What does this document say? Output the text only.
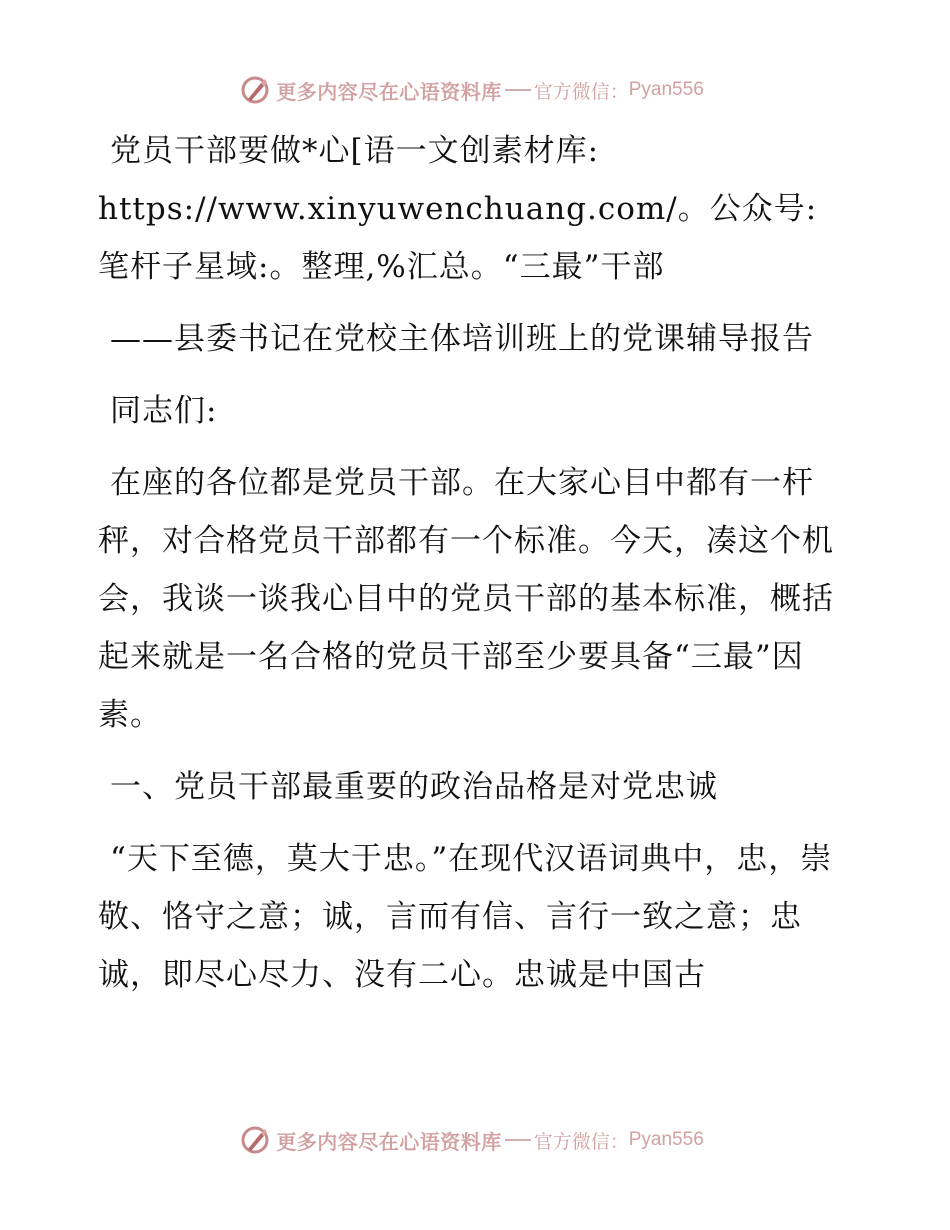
更多内容尽在心语资料库 官方微信： Pyan556

党员干部要做*心[语一文创素材库: https://www.xinyuwenchuang.com/。公众号: 笔杆子星域:。整理,%汇总。“三最”干部

——县委书记在党校主体培训班上的党课辅导报告

同志们:

在座的各位都是党员干部。在大家心目中都有一杆秤，对合格党员干部都有一个标准。今天，凑这个机会，我谈一谈我心目中的党员干部的基本标准，概括起来就是一名合格的党员干部至少要具备“三最”因素。

一、党员干部最重要的政治品格是对党忠诚

“天下至德，莫大于忠。”在现代汉语词典中，忠，崇敬、恪守之意；诚，言而有信、言行一致之意；忠诚，即尽心尽力、没有二心。忠诚是中国古

更多内容尽在心语资料库 官方微信： Pyan556
